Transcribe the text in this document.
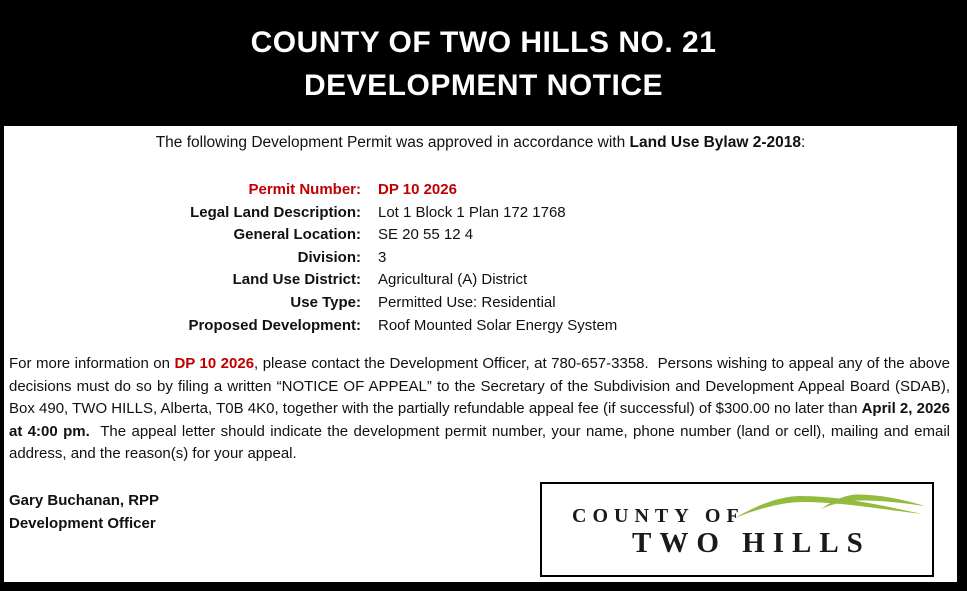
COUNTY OF TWO HILLS NO. 21
DEVELOPMENT NOTICE
The following Development Permit was approved in accordance with Land Use Bylaw 2-2018:
Permit Number: DP 10 2026
Legal Land Description: Lot 1 Block 1 Plan 172 1768
General Location: SE 20 55 12 4
Division: 3
Land Use District: Agricultural (A) District
Use Type: Permitted Use: Residential
Proposed Development: Roof Mounted Solar Energy System
For more information on DP 10 2026, please contact the Development Officer, at 780-657-3358.  Persons wishing to appeal any of the above decisions must do so by filing a written “NOTICE OF APPEAL” to the Secretary of the Subdivision and Development Appeal Board (SDAB), Box 490, TWO HILLS, Alberta, T0B 4K0, together with the partially refundable appeal fee (if successful) of $300.00 no later than April 2, 2026 at 4:00 pm.  The appeal letter should indicate the development permit number, your name, phone number (land or cell), mailing and email address, and the reason(s) for your appeal.
Gary Buchanan, RPP
Development Officer	COUNTY OF
TWO HILLS
